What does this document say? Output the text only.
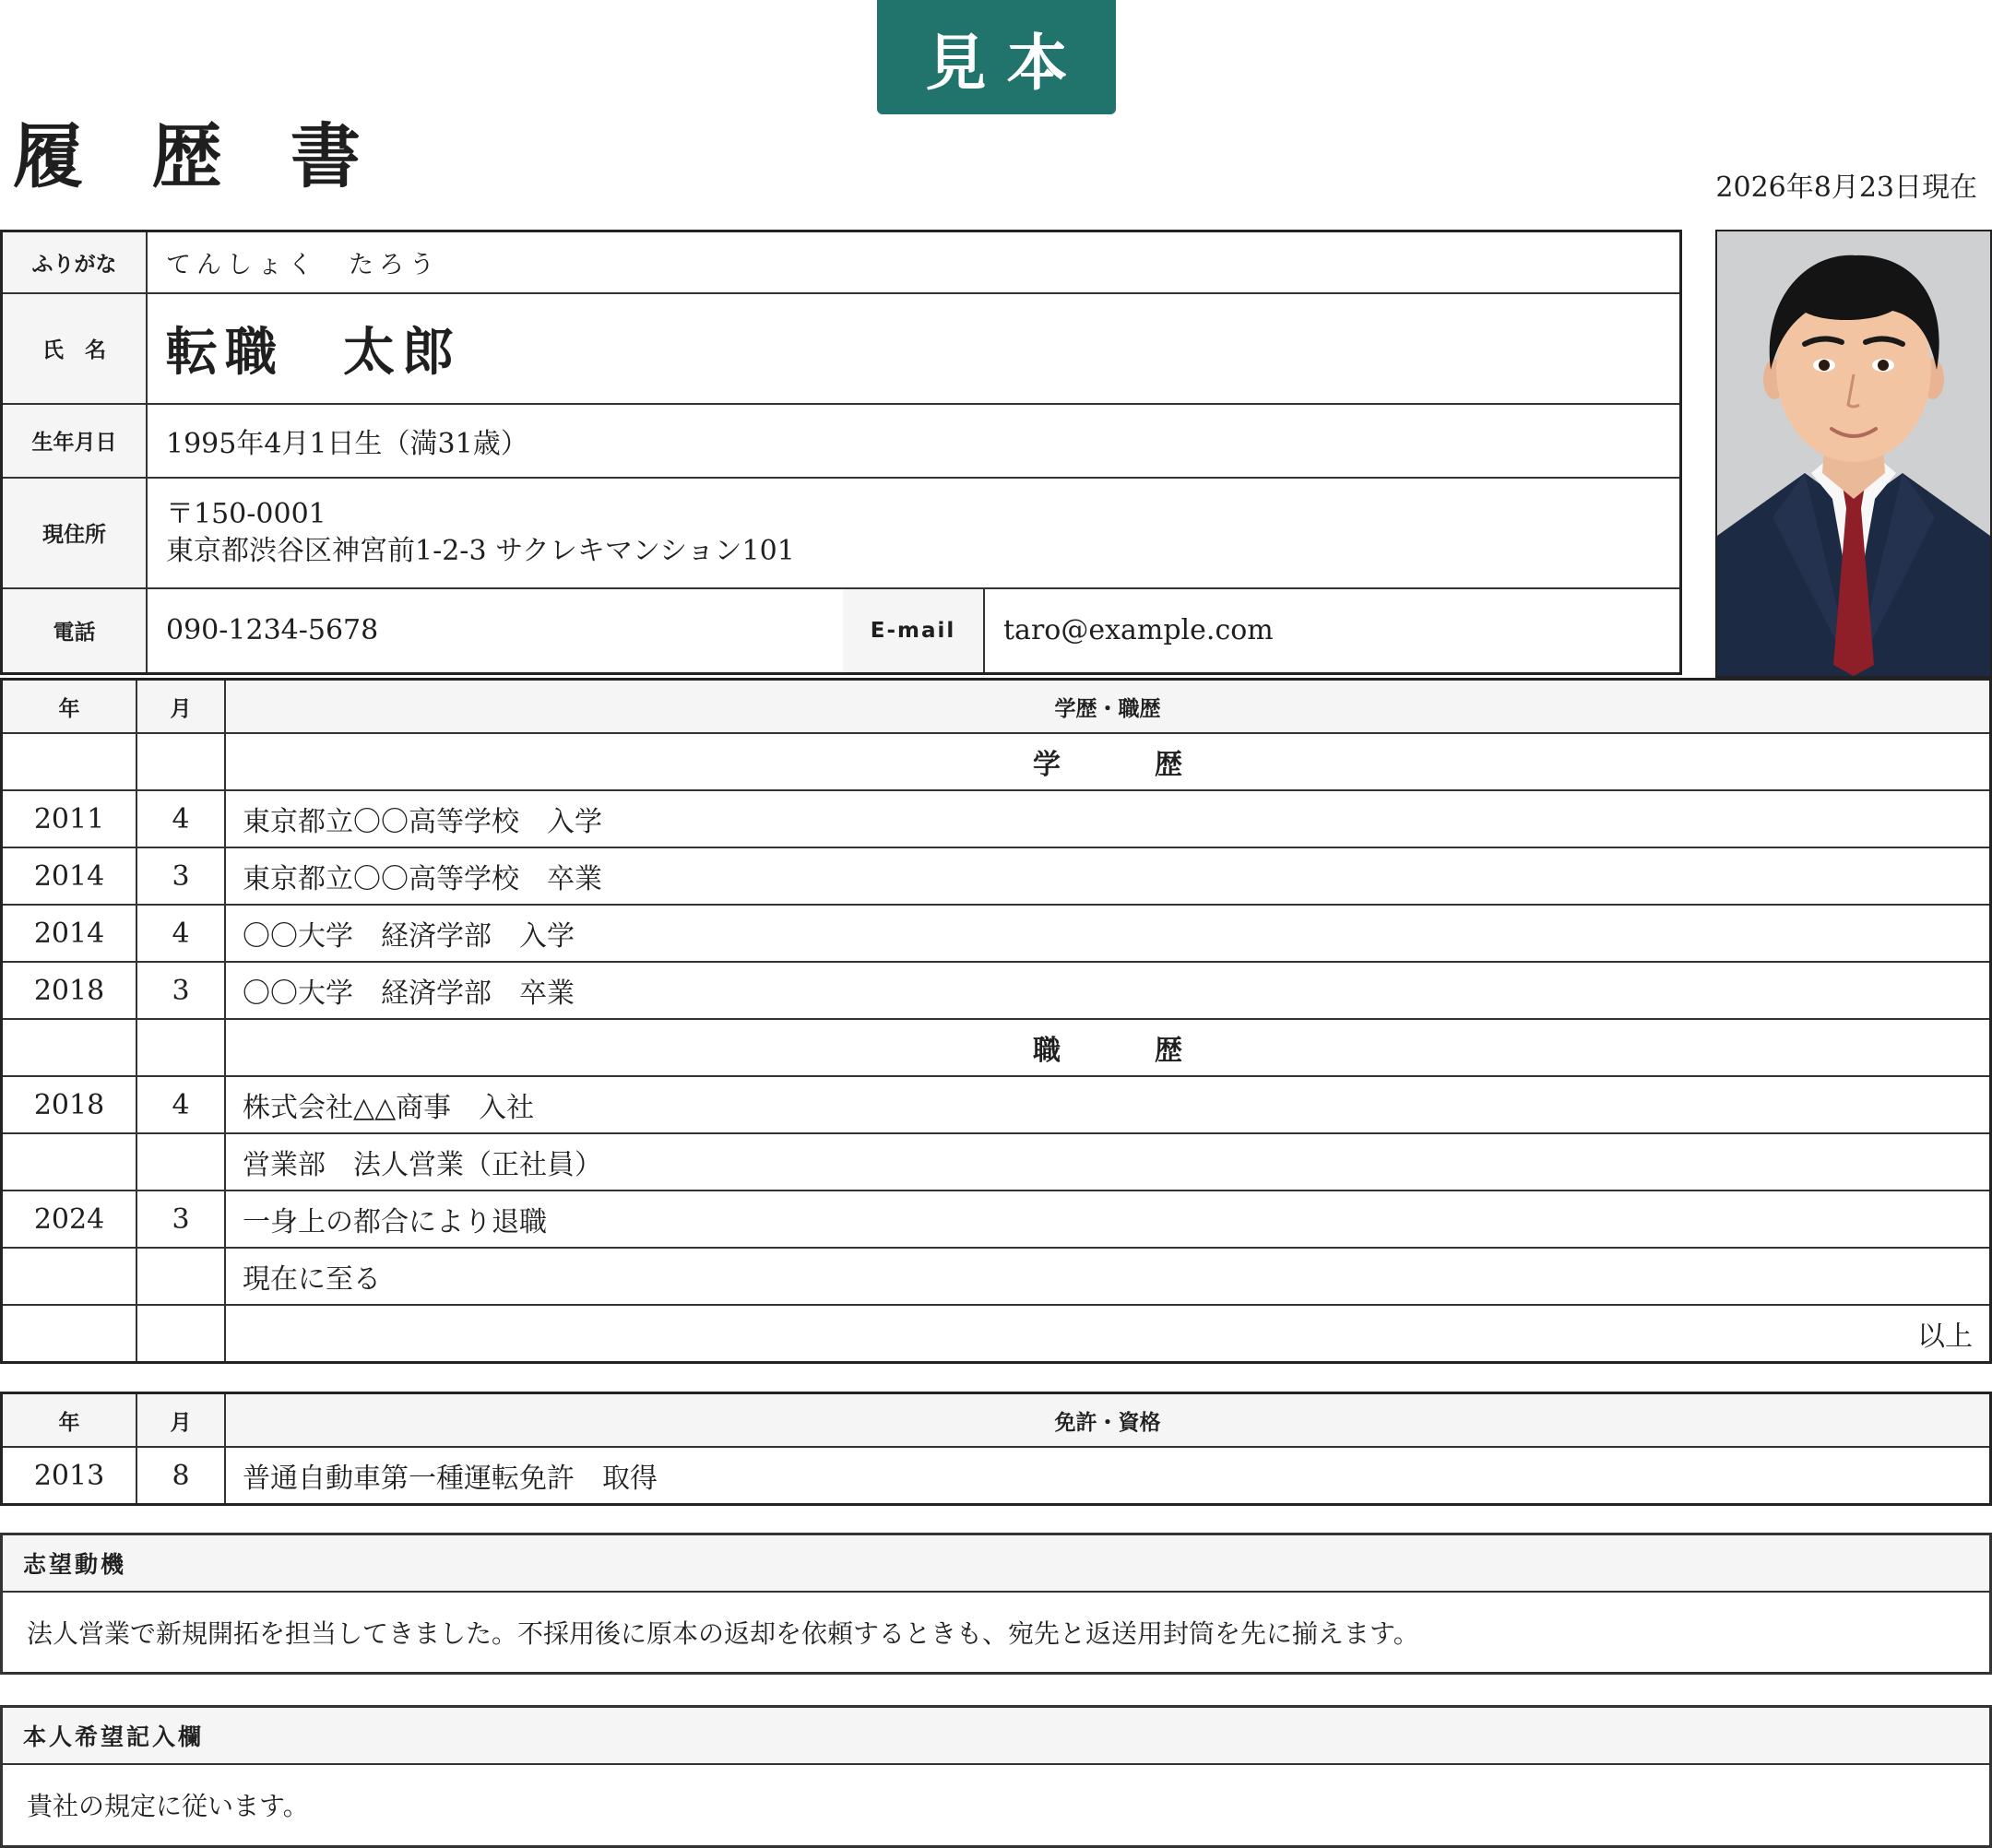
見本
履 歴 書	2026年8月23日現在
ふりがな	てんしょく　たろう		
氏　名	転職　太郎		
生年月日	1995年4月1日生（満31歳）		
現住所	〒150-0001
東京都渋谷区神宮前1-2-3 サクレキマンション101		

電話	090-1234-5678	E-mail	taro@example.com
年	月	学歴・職歴
		学　歴
2011	4	東京都立〇〇高等学校　入学
2014	3	東京都立〇〇高等学校　卒業
2014	4	〇〇大学　経済学部　入学
2018	3	〇〇大学　経済学部　卒業
		職　歴
2018	4	株式会社△△商事　入社
		営業部　法人営業（正社員）
2024	3	一身上の都合により退職
		現在に至る
		以上
年	月	免許・資格
2013	8	普通自動車第一種運転免許　取得
志望動機
法人営業で新規開拓を担当してきました。不採用後に原本の返却を依頼するときも、宛先と返送用封筒を先に揃えます。
本人希望記入欄
貴社の規定に従います。
